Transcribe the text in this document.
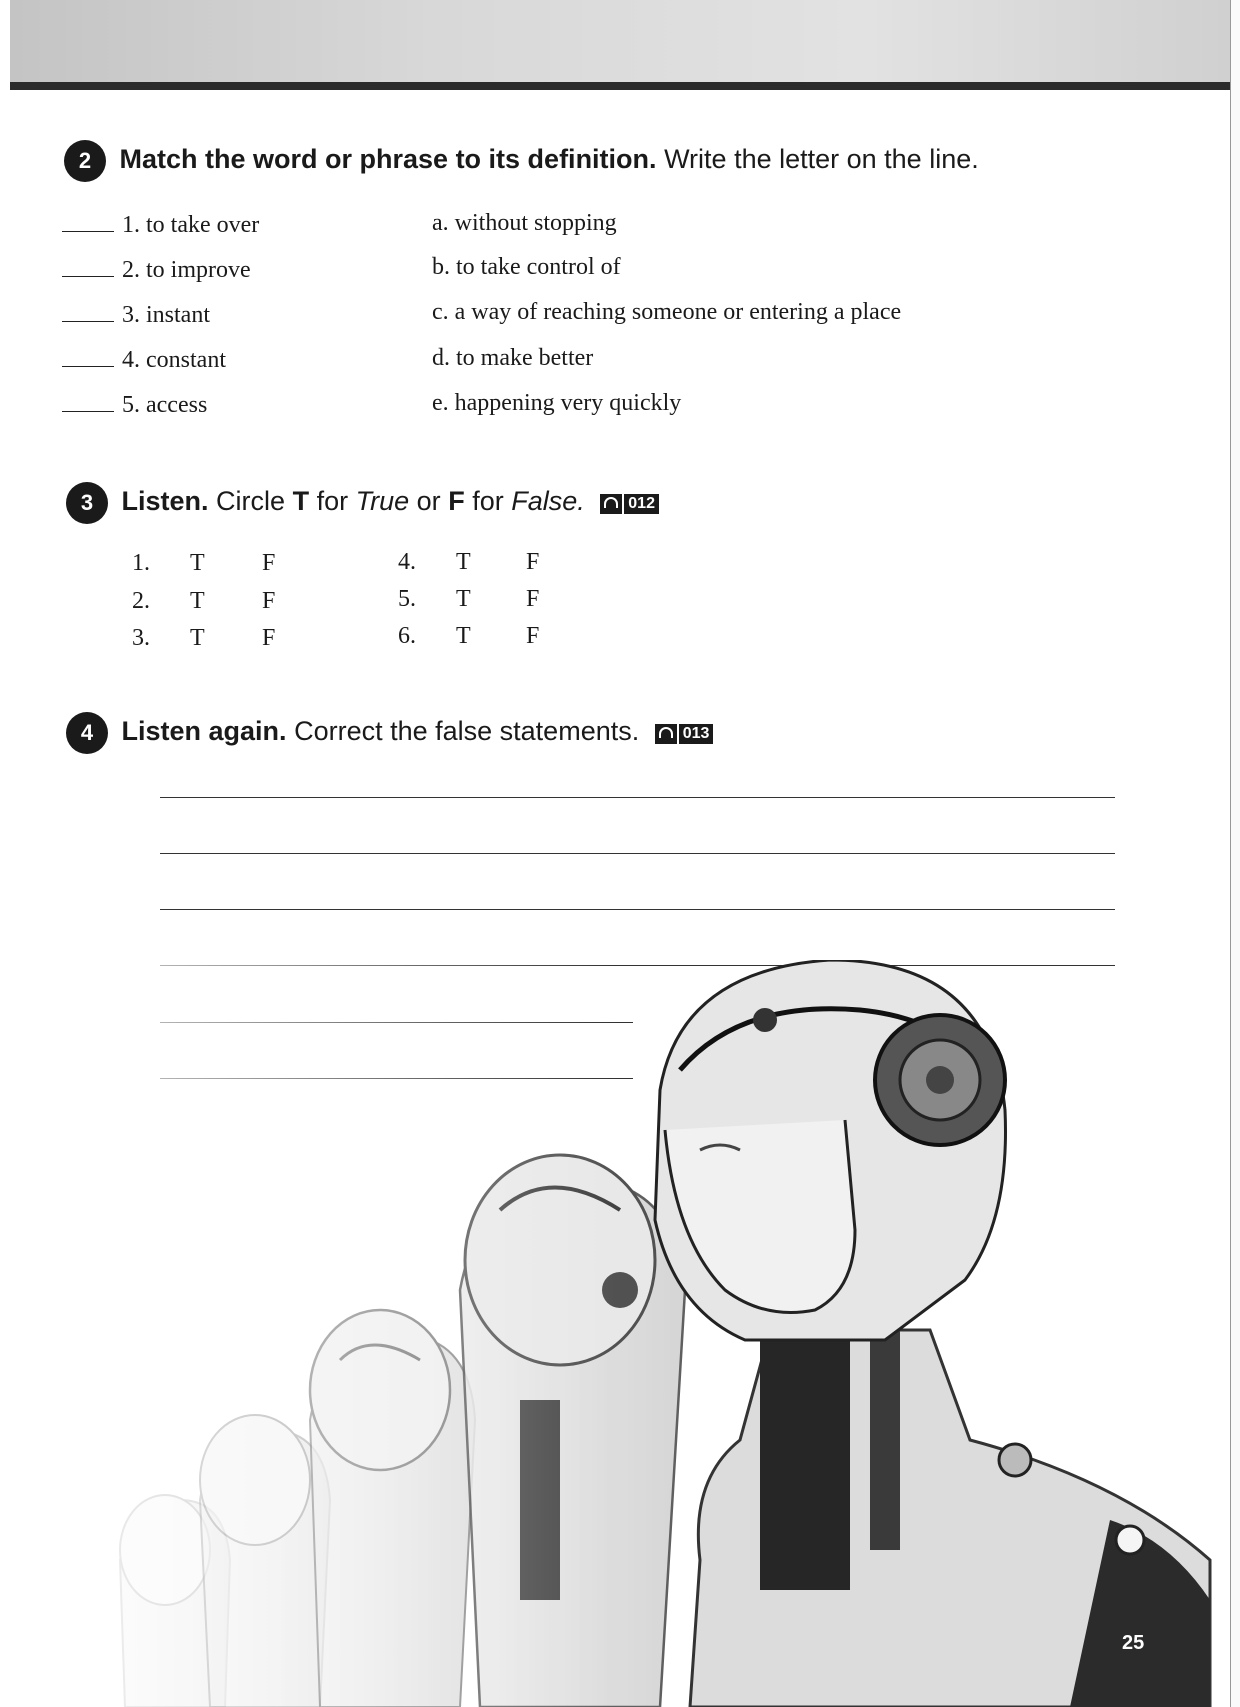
2 Match the word or phrase to its definition. Write the letter on the line.
1. to take over
2. to improve
3. instant
4. constant
5. access
a. without stopping
b. to take control of
c. a way of reaching someone or entering a place
d. to make better
e. happening very quickly
3 Listen. Circle T for True or F for False.	012
1. T F
2. T F
3. T F
4. T F
5. T F
6. T F
4 Listen again. Correct the false statements.	013
25
